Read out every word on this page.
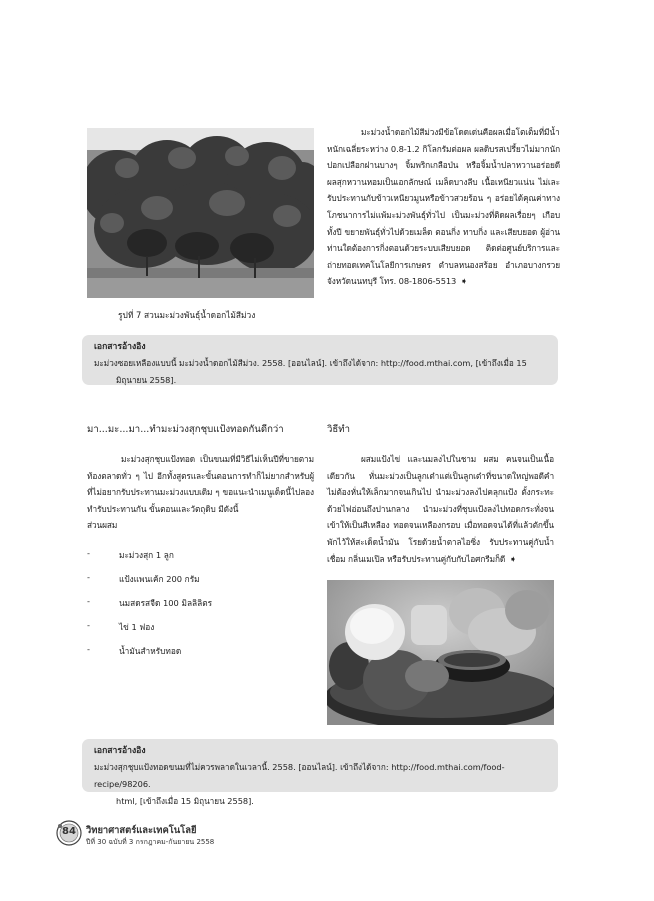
รูปที่ 7 สวนมะม่วงพันธุ์น้ำดอกไม้สีม่วง

มะม่วงน้ำดอกไม้สีม่วงมีข้อโดดเด่นคือผลเมื่อโตเต็มที่มีน้ำหนักเฉลี่ยระหว่าง 0.8-1.2 กิโลกรัมต่อผล ผลดิบรสเปรี้ยวไม่มากนัก ปอกเปลือกฝานบางๆ จิ้มพริกเกลือป่น หรือจิ้มน้ำปลาหวานอร่อยดี ผลสุกหวานหอมเป็นเอกลักษณ์ เมล็ดบางลีบ เนื้อเหนียวแน่น ไม่เละ รับประทานกับข้าวเหนียวมูนหรือข้าวสวยร้อน ๆ อร่อยได้คุณค่าทางโภชนาการไม่แพ้มะม่วงพันธุ์ทั่วไป เป็นมะม่วงที่ติดผลเรื่อยๆ เกือบทั้งปี ขยายพันธุ์ทั่วไปด้วยเมล็ด ตอนกิ่ง ทาบกิ่ง และเสียบยอด ผู้อ่านท่านใดต้องการกิ่งตอนด้วยระบบเสียบยอด ติดต่อศูนย์บริการและถ่ายทอดเทคโนโลยีการเกษตร ตำบลหนองสร้อย อำเภอบางกรวย จังหวัดนนทบุรี โทร. 08-1806-5513 ➧

เอกสารอ้างอิง
มะม่วงซอยเหลืองแบบนี้ มะม่วงน้ำดอกไม้สีม่วง. 2558. [ออนไลน์]. เข้าถึงได้จาก: http://food.mthai.com, [เข้าถึงเมื่อ 15
มิถุนายน 2558].
มา...มะ...มา...ทำมะม่วงสุกชุบแป้งทอดกันดีกว่า

มะม่วงสุกชุบแป้งทอด เป็นขนมที่มีวิธีไม่เห็นปีที่ขายตามท้องตลาดทั่ว ๆ ไป อีกทั้งสูตรและขั้นตอนการทำก็ไม่ยากสำหรับผู้ที่ไม่อยากรับประทานมะม่วงแบบเดิม ๆ ขอแนะนำเมนูเด็ดนี้ไปลองทำรับประทานกัน ขั้นตอนและวัตถุดิบ มีดังนี้

ส่วนผสม

-	มะม่วงสุก 1 ลูก
-	แป้งแพนเค้ก 200 กรัม
-	นมสดรสจืด 100 มิลลิลิตร
-	ไข่ 1 ฟอง
-	น้ำมันสำหรับทอด
วิธีทำ

ผสมแป้งไข่ และนมลงไปในชาม ผสม คนจนเป็นเนื้อเดียวกัน หั่นมะม่วงเป็นลูกเต๋าแต่เป็นลูกเต๋าที่ขนาดใหญ่พอดีคำ ไม่ต้องหั่นให้เล็กมากจนเกินไป นำมะม่วงลงไปคลุกแป้ง ตั้งกระทะด้วยไฟอ่อนถึงปานกลาง นำมะม่วงที่ชุบแป้งลงไปทอดกระทั่งจนเข้าให้เป็นสีเหลือง ทอดจนเหลืองกรอบ เมื่อทอดจนได้ที่แล้วตักขึ้นพักไว้ให้สะเด็ดน้ำมัน โรยด้วยน้ำตาลไอซิ่ง รับประทานคู่กับน้ำเชื่อม กลิ่นเมเปิล หรือรับประทานคู่กับกับไอศกรีมก็ดี ➧

เอกสารอ้างอิง
มะม่วงสุกชุบแป้งทอดขนมที่ไม่ควรพลาดในเวลานี้. 2558. [ออนไลน์]. เข้าถึงได้จาก: http://food.mthai.com/food-recipe/98206.
html, [เข้าถึงเมื่อ 15 มิถุนายน 2558].
84	วิทยาศาสตร์และเทคโนโลยี
ปีที่ 30 ฉบับที่ 3 กรกฎาคม-กันยายน 2558
